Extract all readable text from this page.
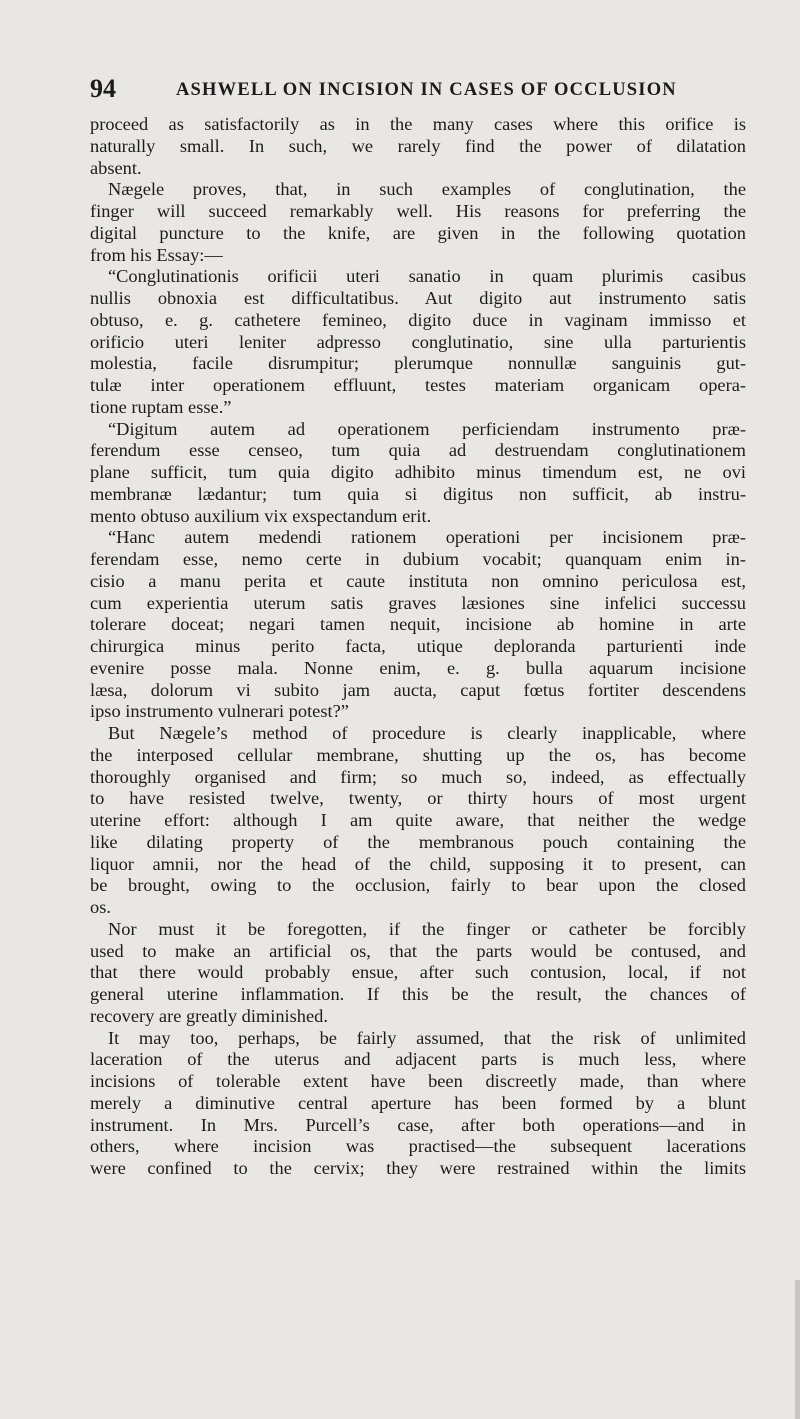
94	ASHWELL ON INCISION IN CASES OF OCCLUSION
proceed as satisfactorily as in the many cases where this orifice is
naturally small. In such, we rarely find the power of dilatation
absent.
Nægele proves, that, in such examples of conglutination, the
finger will succeed remarkably well. His reasons for preferring the
digital puncture to the knife, are given in the following quotation
from his Essay:—
“Conglutinationis orificii uteri sanatio in quam plurimis casibus
nullis obnoxia est difficultatibus. Aut digito aut instrumento satis
obtuso, e. g. cathetere femineo, digito duce in vaginam immisso et
orificio uteri leniter adpresso conglutinatio, sine ulla parturientis
molestia, facile disrumpitur; plerumque nonnullæ sanguinis gut-
tulæ inter operationem effluunt, testes materiam organicam opera-
tione ruptam esse.”
“Digitum autem ad operationem perficiendam instrumento præ-
ferendum esse censeo, tum quia ad destruendam conglutinationem
plane sufficit, tum quia digito adhibito minus timendum est, ne ovi
membranæ lædantur; tum quia si digitus non sufficit, ab instru-
mento obtuso auxilium vix exspectandum erit.
“Hanc autem medendi rationem operationi per incisionem præ-
ferendam esse, nemo certe in dubium vocabit; quanquam enim in-
cisio a manu perita et caute instituta non omnino periculosa est,
cum experientia uterum satis graves læsiones sine infelici successu
tolerare doceat; negari tamen nequit, incisione ab homine in arte
chirurgica minus perito facta, utique deploranda parturienti inde
evenire posse mala. Nonne enim, e. g. bulla aquarum incisione
læsa, dolorum vi subito jam aucta, caput fœtus fortiter descendens
ipso instrumento vulnerari potest?”
But Nægele’s method of procedure is clearly inapplicable, where
the interposed cellular membrane, shutting up the os, has become
thoroughly organised and firm; so much so, indeed, as effectually
to have resisted twelve, twenty, or thirty hours of most urgent
uterine effort: although I am quite aware, that neither the wedge
like dilating property of the membranous pouch containing the
liquor amnii, nor the head of the child, supposing it to present, can
be brought, owing to the occlusion, fairly to bear upon the closed
os.
Nor must it be foregotten, if the finger or catheter be forcibly
used to make an artificial os, that the parts would be contused, and
that there would probably ensue, after such contusion, local, if not
general uterine inflammation. If this be the result, the chances of
recovery are greatly diminished.
It may too, perhaps, be fairly assumed, that the risk of unlimited
laceration of the uterus and adjacent parts is much less, where
incisions of tolerable extent have been discreetly made, than where
merely a diminutive central aperture has been formed by a blunt
instrument. In Mrs. Purcell’s case, after both operations—and in
others, where incision was practised—the subsequent lacerations
were confined to the cervix; they were restrained within the limits
